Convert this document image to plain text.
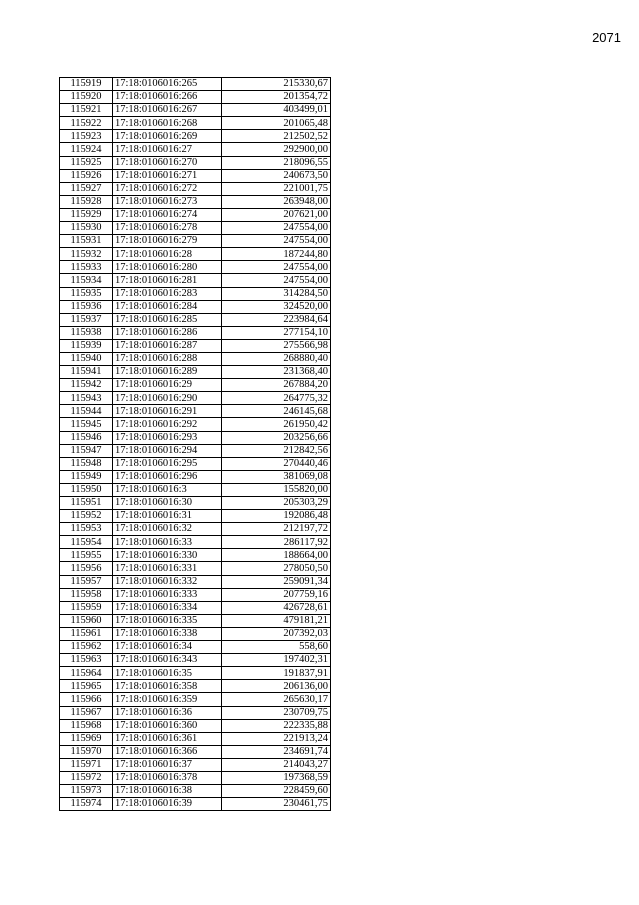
2071
115919	17:18:0106016:265	215330,67
115920	17:18:0106016:266	201354,72
115921	17:18:0106016:267	403499,01
115922	17:18:0106016:268	201065,48
115923	17:18:0106016:269	212502,52
115924	17:18:0106016:27	292900,00
115925	17:18:0106016:270	218096,55
115926	17:18:0106016:271	240673,50
115927	17:18:0106016:272	221001,75
115928	17:18:0106016:273	263948,00
115929	17:18:0106016:274	207621,00
115930	17:18:0106016:278	247554,00
115931	17:18:0106016:279	247554,00
115932	17:18:0106016:28	187244,80
115933	17:18:0106016:280	247554,00
115934	17:18:0106016:281	247554,00
115935	17:18:0106016:283	314284,50
115936	17:18:0106016:284	324520,00
115937	17:18:0106016:285	223984,64
115938	17:18:0106016:286	277154,10
115939	17:18:0106016:287	275566,98
115940	17:18:0106016:288	268880,40
115941	17:18:0106016:289	231368,40
115942	17:18:0106016:29	267884,20
115943	17:18:0106016:290	264775,32
115944	17:18:0106016:291	246145,68
115945	17:18:0106016:292	261950,42
115946	17:18:0106016:293	203256,66
115947	17:18:0106016:294	212842,56
115948	17:18:0106016:295	270440,46
115949	17:18:0106016:296	381069,08
115950	17:18:0106016:3	155820,00
115951	17:18:0106016:30	205303,29
115952	17:18:0106016:31	192086,48
115953	17:18:0106016:32	212197,72
115954	17:18:0106016:33	286117,92
115955	17:18:0106016:330	188664,00
115956	17:18:0106016:331	278050,50
115957	17:18:0106016:332	259091,34
115958	17:18:0106016:333	207759,16
115959	17:18:0106016:334	426728,61
115960	17:18:0106016:335	479181,21
115961	17:18:0106016:338	207392,03
115962	17:18:0106016:34	558,60
115963	17:18:0106016:343	197402,31
115964	17:18:0106016:35	191837,91
115965	17:18:0106016:358	206136,00
115966	17:18:0106016:359	265630,17
115967	17:18:0106016:36	230709,75
115968	17:18:0106016:360	222335,88
115969	17:18:0106016:361	221913,24
115970	17:18:0106016:366	234691,74
115971	17:18:0106016:37	214043,27
115972	17:18:0106016:378	197368,59
115973	17:18:0106016:38	228459,60
115974	17:18:0106016:39	230461,75
